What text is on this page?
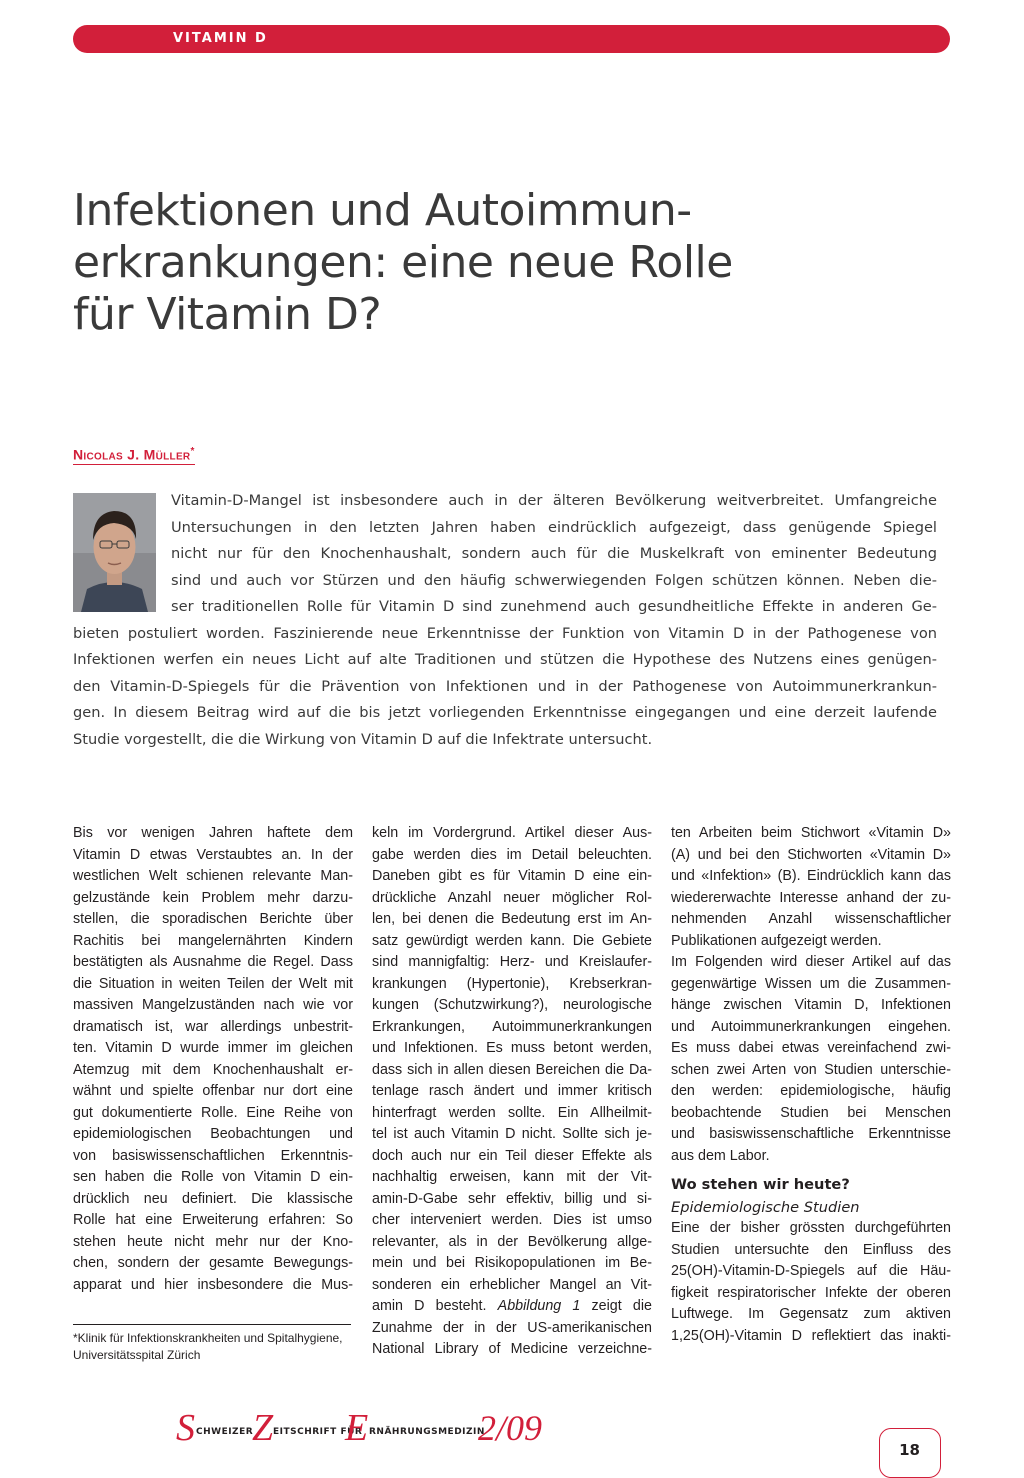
VITAMIN D
Infektionen und Autoimmun-
erkrankungen: eine neue Rolle
für Vitamin D?
Nicolas J. Müller*
Vitamin-D-Mangel ist insbesondere auch in der älteren Bevölkerung weitverbreitet. Umfangreiche
Untersuchungen in den letzten Jahren haben eindrücklich aufgezeigt, dass genügende Spiegel
nicht nur für den Knochenhaushalt, sondern auch für die Muskelkraft von eminenter Bedeutung
sind und auch vor Stürzen und den häufig schwerwiegenden Folgen schützen können. Neben die-
ser traditionellen Rolle für Vitamin D sind zunehmend auch gesundheitliche Effekte in anderen Ge-
bieten postuliert worden. Faszinierende neue Erkenntnisse der Funktion von Vitamin D in der Pathogenese von
Infektionen werfen ein neues Licht auf alte Traditionen und stützen die Hypothese des Nutzens eines genügen-
den Vitamin-D-Spiegels für die Prävention von Infektionen und in der Pathogenese von Autoimmunerkrankun-
gen. In diesem Beitrag wird auf die bis jetzt vorliegenden Erkenntnisse eingegangen und eine derzeit laufende
Studie vorgestellt, die die Wirkung von Vitamin D auf die Infektrate untersucht.
Bis vor wenigen Jahren haftete dem
Vitamin D etwas Verstaubtes an. In der
westlichen Welt schienen relevante Man-
gelzustände kein Problem mehr darzu-
stellen, die sporadischen Berichte über
Rachitis bei mangelernährten Kindern
bestätigten als Ausnahme die Regel. Dass
die Situation in weiten Teilen der Welt mit
massiven Mangelzuständen nach wie vor
dramatisch ist, war allerdings unbestrit-
ten. Vitamin D wurde immer im gleichen
Atemzug mit dem Knochenhaushalt er-
wähnt und spielte offenbar nur dort eine
gut dokumentierte Rolle. Eine Reihe von
epidemiologischen Beobachtungen und
von basiswissenschaftlichen Erkenntnis-
sen haben die Rolle von Vitamin D ein-
drücklich neu definiert. Die klassische
Rolle hat eine Erweiterung erfahren: So
stehen heute nicht mehr nur der Kno-
chen, sondern der gesamte Bewegungs-
apparat und hier insbesondere die Mus-
keln im Vordergrund. Artikel dieser Aus-
gabe werden dies im Detail beleuchten.
Daneben gibt es für Vitamin D eine ein-
drückliche Anzahl neuer möglicher Rol-
len, bei denen die Bedeutung erst im An-
satz gewürdigt werden kann. Die Gebiete
sind mannigfaltig: Herz- und Kreislaufer-
krankungen (Hypertonie), Krebserkran-
kungen (Schutzwirkung?), neurologische
Erkrankungen, Autoimmunerkrankungen
und Infektionen. Es muss betont werden,
dass sich in allen diesen Bereichen die Da-
tenlage rasch ändert und immer kritisch
hinterfragt werden sollte. Ein Allheilmit-
tel ist auch Vitamin D nicht. Sollte sich je-
doch auch nur ein Teil dieser Effekte als
nachhaltig erweisen, kann mit der Vit-
amin-D-Gabe sehr effektiv, billig und si-
cher interveniert werden. Dies ist umso
relevanter, als in der Bevölkerung allge-
mein und bei Risikopopulationen im Be-
sonderen ein erheblicher Mangel an Vit-
amin D besteht. Abbildung 1 zeigt die
Zunahme der in der US-amerikanischen
National Library of Medicine verzeichne-
ten Arbeiten beim Stichwort «Vitamin D»
(A) und bei den Stichworten «Vitamin D»
und «Infektion» (B). Eindrücklich kann das
wiedererwachte Interesse anhand der zu-
nehmenden Anzahl wissenschaftlicher
Publikationen aufgezeigt werden.
Im Folgenden wird dieser Artikel auf das
gegenwärtige Wissen um die Zusammen-
hänge zwischen Vitamin D, Infektionen
und Autoimmunerkrankungen eingehen.
Es muss dabei etwas vereinfachend zwi-
schen zwei Arten von Studien unterschie-
den werden: epidemiologische, häufig
beobachtende Studien bei Menschen
und basiswissenschaftliche Erkenntnisse
aus dem Labor.
Wo stehen wir heute?
Epidemiologische Studien
Eine der bisher grössten durchgeführten
Studien untersuchte den Einfluss des
25(OH)-Vitamin-D-Spiegels auf die Häu-
figkeit respiratorischer Infekte der oberen
Luftwege. Im Gegensatz zum aktiven
1,25(OH)-Vitamin D reflektiert das inakti-
*Klinik für Infektionskrankheiten und Spitalhygiene,
Universitätsspital Zürich
S CHWEIZER
Z EITSCHRIFT FÜR
E RNÄHRUNGSMEDIZIN
2/09
18
